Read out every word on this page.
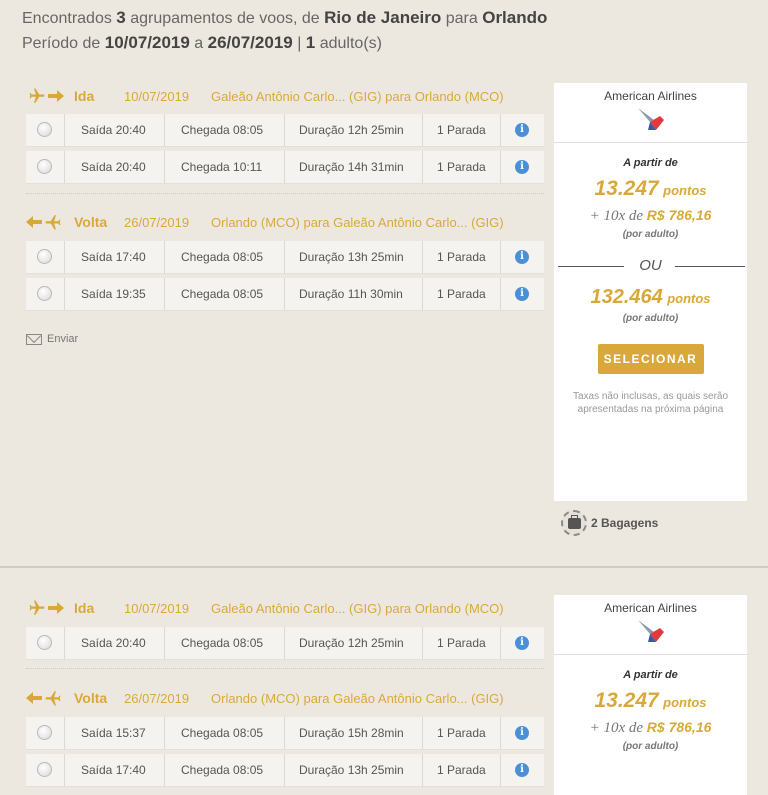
Encontrados 3 agrupamentos de voos, de Rio de Janeiro para Orlando
Período de 10/07/2019 a 26/07/2019 | 1 adulto(s)
Ida	10/07/2019	Galeão Antônio Carlo... (GIG) para Orlando (MCO)
Saída 20:40	Chegada 08:05	Duração 12h 25min	1 Parada	i
Saída 20:40	Chegada 10:11	Duração 14h 31min	1 Parada	i
Volta	26/07/2019	Orlando (MCO) para Galeão Antônio Carlo... (GIG)
Saída 17:40	Chegada 08:05	Duração 13h 25min	1 Parada	i
Saída 19:35	Chegada 08:05	Duração 11h 30min	1 Parada	i
Enviar
American Airlines
A partir de
13.247 pontos
+ 10x de R$ 786,16
(por adulto)
OU
132.464 pontos
(por adulto)
SELECIONAR
Taxas não inclusas, as quais serão apresentadas na próxima página
2 Bagagens
Ida	10/07/2019	Galeão Antônio Carlo... (GIG) para Orlando (MCO)
Saída 20:40	Chegada 08:05	Duração 12h 25min	1 Parada	i
Volta	26/07/2019	Orlando (MCO) para Galeão Antônio Carlo... (GIG)
Saída 15:37	Chegada 08:05	Duração 15h 28min	1 Parada	i
Saída 17:40	Chegada 08:05	Duração 13h 25min	1 Parada	i
American Airlines
A partir de
13.247 pontos
+ 10x de R$ 786,16
(por adulto)
